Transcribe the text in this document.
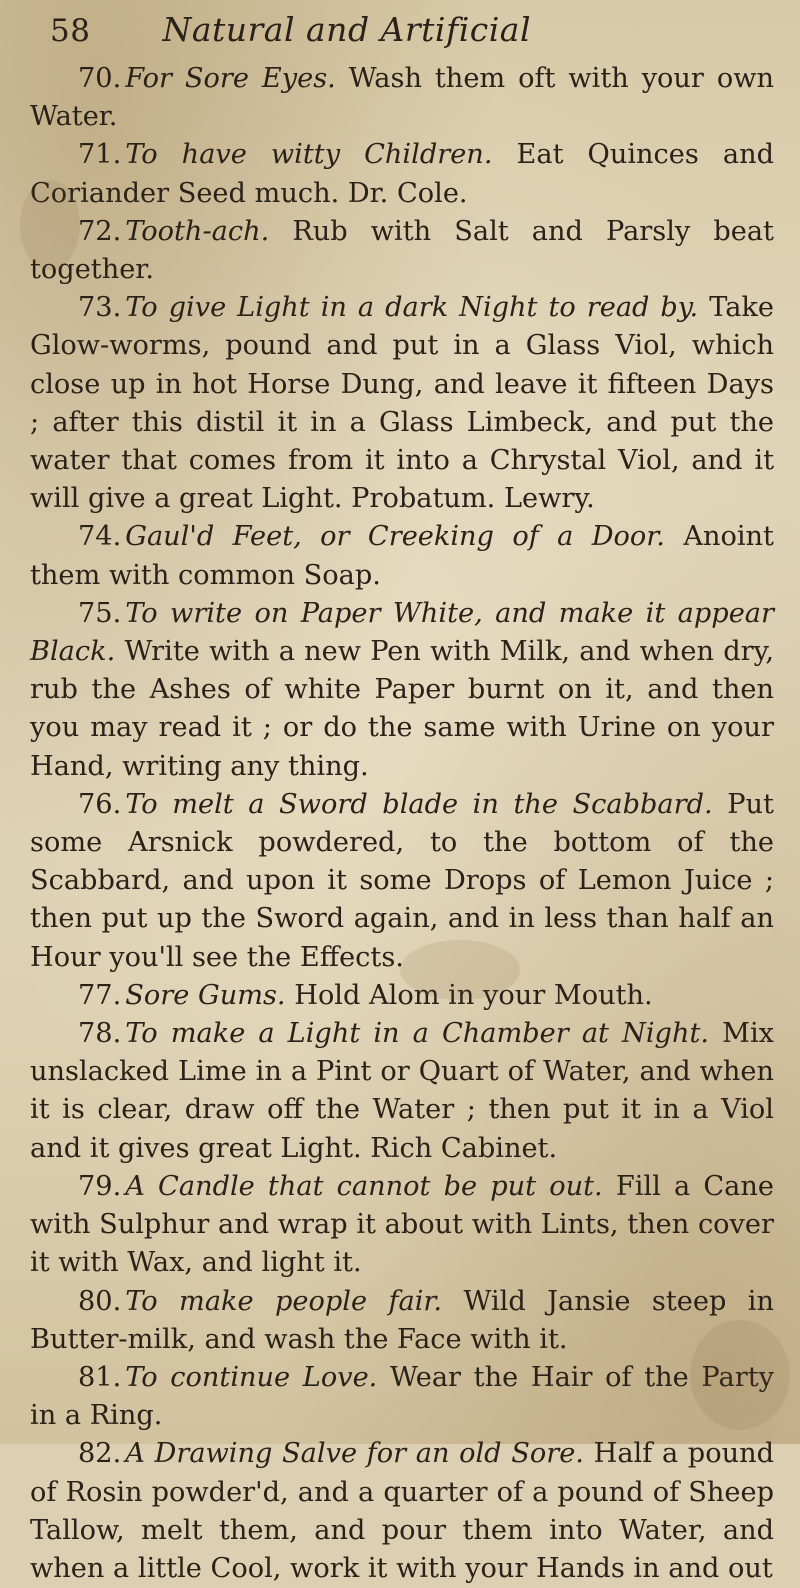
58	Natural and Artificial

70. For Sore Eyes. Wash them oft with your own Water.

71. To have witty Children. Eat Quinces and Coriander Seed much. Dr. Cole.

72. Tooth-ach. Rub with Salt and Parsly beat together.

73. To give Light in a dark Night to read by. Take Glow-worms, pound and put in a Glass Viol, which close up in hot Horse Dung, and leave it fifteen Days ; after this distil it in a Glass Limbeck, and put the water that comes from it into a Chrystal Viol, and it will give a great Light. Probatum. Lewry.

74. Gaul'd Feet, or Creeking of a Door. Anoint them with common Soap.

75. To write on Paper White, and make it appear Black. Write with a new Pen with Milk, and when dry, rub the Ashes of white Paper burnt on it, and then you may read it ; or do the same with Urine on your Hand, writing any thing.

76. To melt a Sword blade in the Scabbard. Put some Arsnick powdered, to the bottom of the Scabbard, and upon it some Drops of Lemon Juice ; then put up the Sword again, and in less than half an Hour you'll see the Effects.

77. Sore Gums. Hold Alom in your Mouth.

78. To make a Light in a Chamber at Night. Mix unslacked Lime in a Pint or Quart of Water, and when it is clear, draw off the Water ; then put it in a Viol and it gives great Light. Rich Cabinet.

79. A Candle that cannot be put out. Fill a Cane with Sulphur and wrap it about with Lints, then cover it with Wax, and light it.

80. To make people fair. Wild Jansie steep in Butter-milk, and wash the Face with it.

81. To continue Love. Wear the Hair of the Party in a Ring.

82. A Drawing Salve for an old Sore. Half a pound of Rosin powder'd, and a quarter of a pound of Sheep Tallow, melt them, and pour them into Water, and when a little Cool, work it with your Hands in and out
